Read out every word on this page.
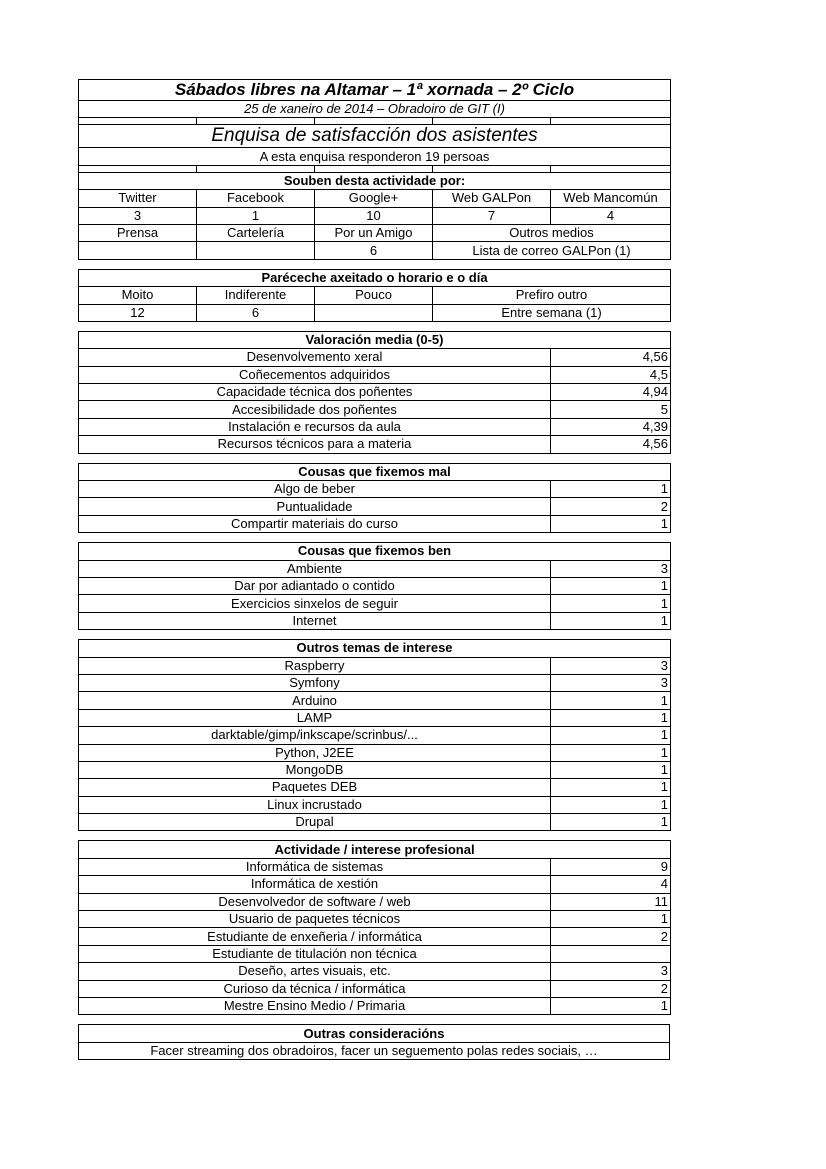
Sábados libres na Altamar – 1ª xornada – 2º Ciclo				
25 de xaneiro de 2014 – Obradoiro de GIT (I)				

Enquisa de satisfacción dos asistentes				
A esta enquisa responderon 19 persoas				

Souben desta actividade por:				
Twitter	Facebook	Google+	Web GALPon	Web Mancomún
3	1	10	7	4
Prensa	Cartelería	Por un Amigo	Outros medios	
		6	Lista de correo GALPon (1)	
Paréceche axeitado o horario e o día			
Moito	Indiferente	Pouco	Prefiro outro
12	6		Entre semana (1)
Valoración media (0-5)	
Desenvolvemento xeral	4,56
Coñecementos adquiridos	4,5
Capacidade técnica dos poñentes	4,94
Accesibilidade dos poñentes	5
Instalación e recursos da aula	4,39
Recursos técnicos para a materia	4,56
Cousas que fixemos mal	
Algo de beber	1
Puntualidade	2
Compartir materiais do curso	1
Cousas que fixemos ben	
Ambiente	3
Dar por adiantado o contido	1
Exercicios sinxelos de seguir	1
Internet	1
Outros temas de interese	
Raspberry	3
Symfony	3
Arduino	1
LAMP	1
darktable/gimp/inkscape/scrinbus/...	1
Python, J2EE	1
MongoDB	1
Paquetes DEB	1
Linux incrustado	1
Drupal	1
Actividade / interese profesional	
Informática de sistemas	9
Informática de xestión	4
Desenvolvedor de software / web	11
Usuario de paquetes técnicos	1
Estudiante de enxeñeria / informática	2
Estudiante de titulación non técnica	
Deseño, artes visuais, etc.	3
Curioso da técnica / informática	2
Mestre Ensino Medio / Primaria	1
Outras consideracións
Facer streaming dos obradoiros, facer un seguemento polas redes sociais, …
